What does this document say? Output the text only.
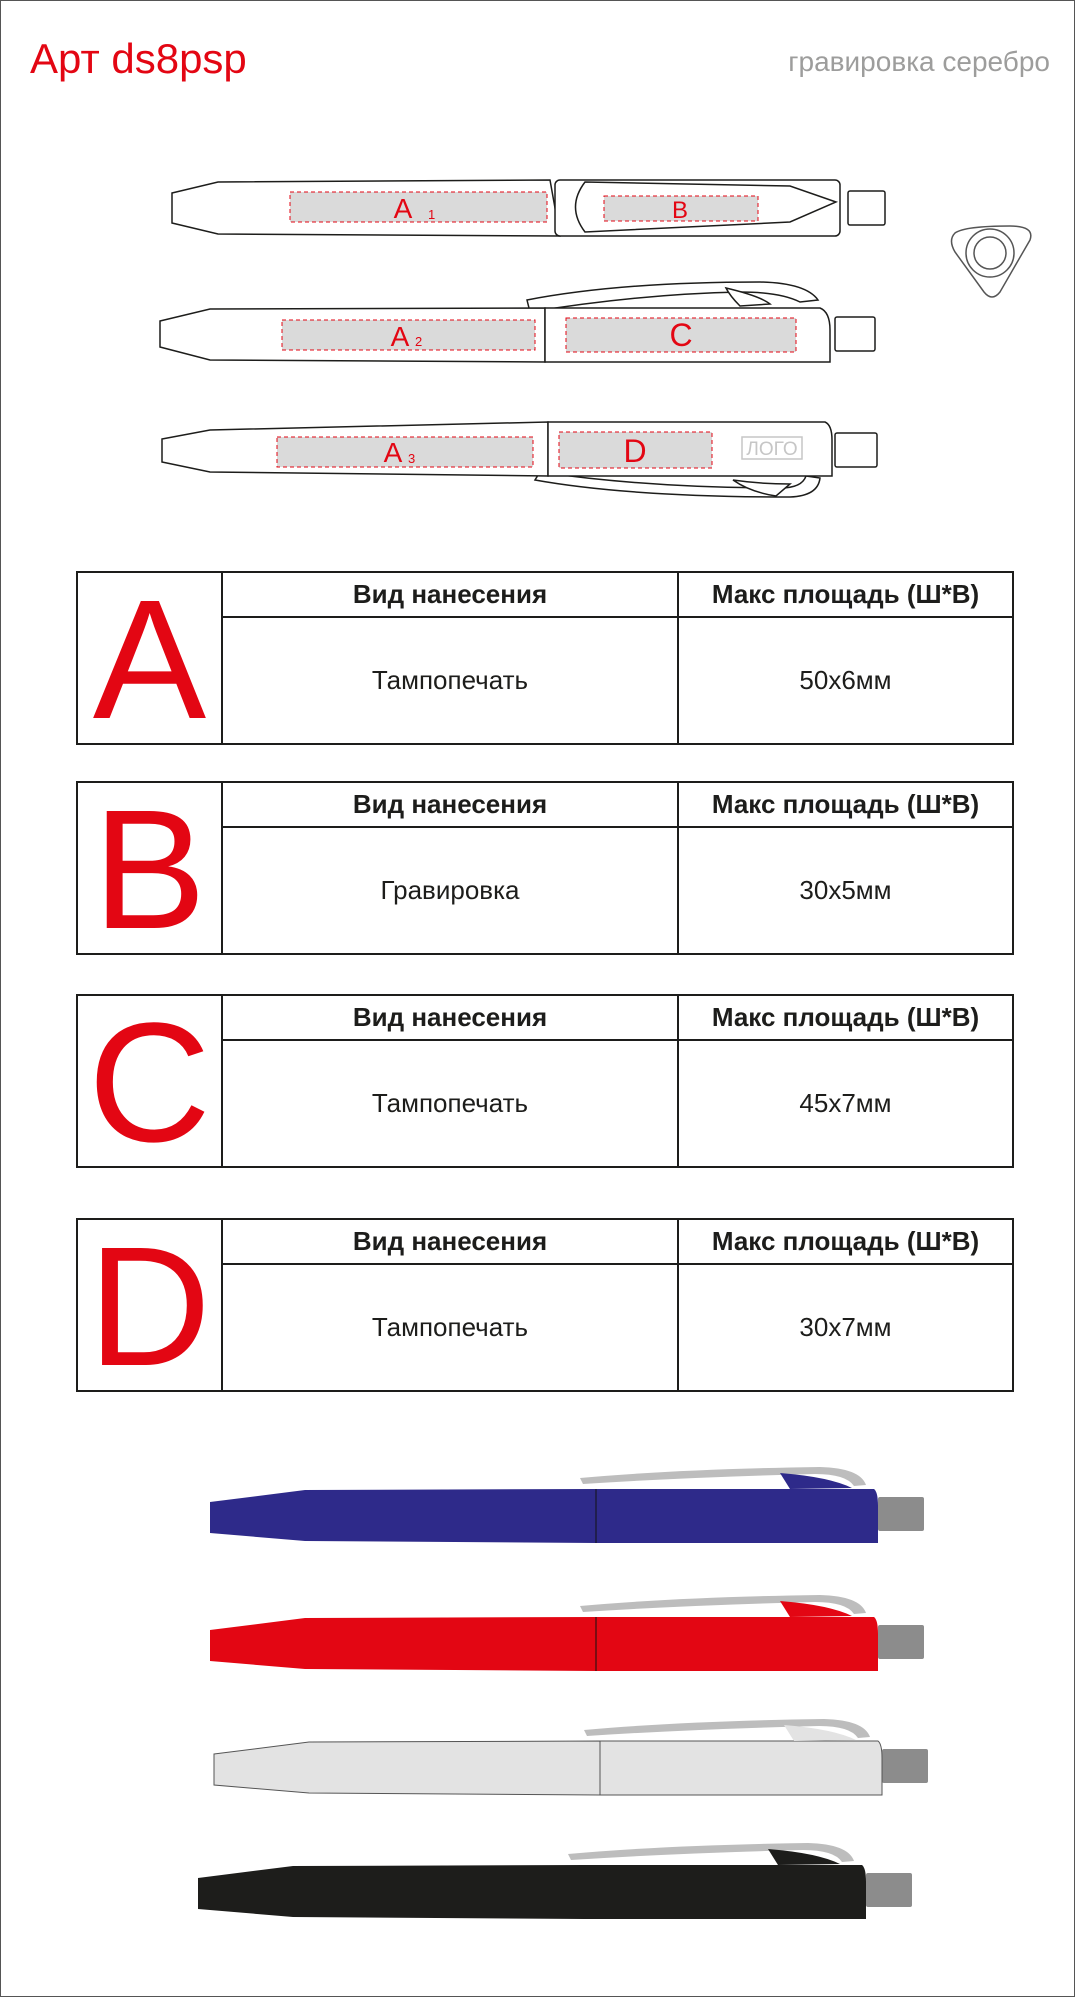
Арт ds8psp	гравировка серебро
A 1	B
A 2	C
A 3	D	ЛОГО
A	Вид нанесения	Макс площадь (Ш*В)
Тампопечать	50х6мм
B	Вид нанесения	Макс площадь (Ш*В)
Гравировка	30х5мм
C	Вид нанесения	Макс площадь (Ш*В)
Тампопечать	45х7мм
D	Вид нанесения	Макс площадь (Ш*В)
Тампопечать	30х7мм
